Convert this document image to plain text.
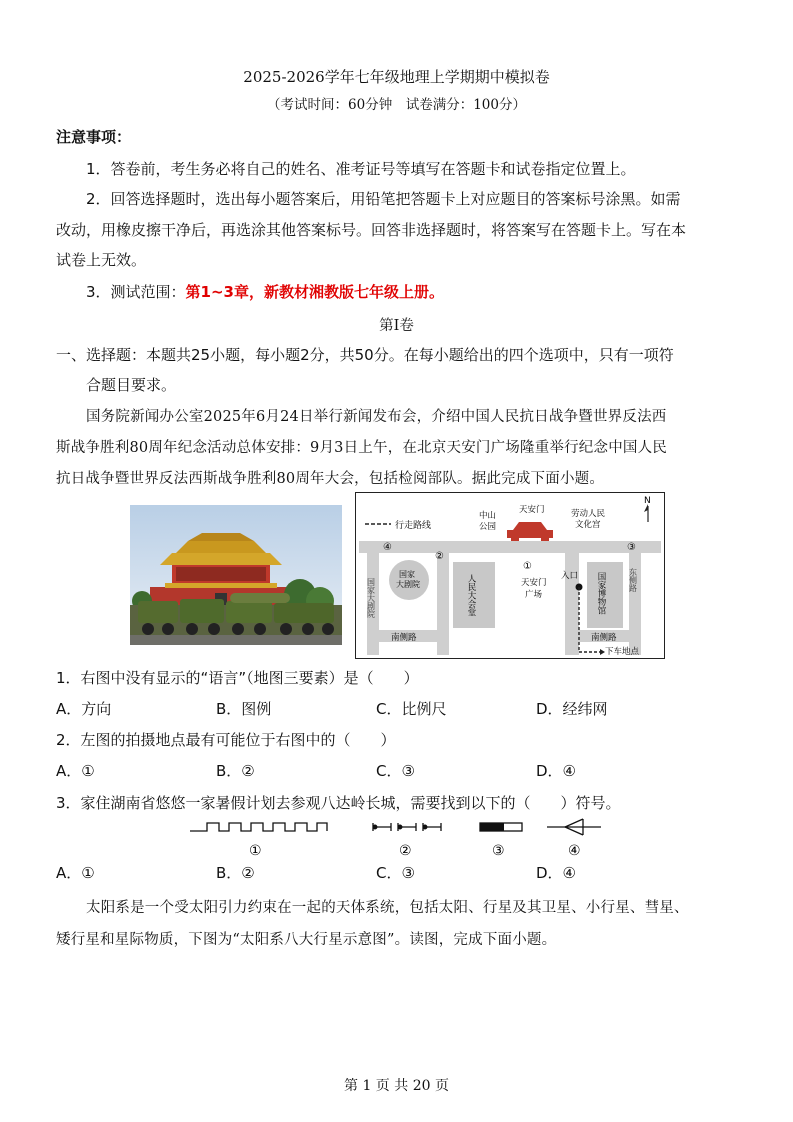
2025-2026学年七年级地理上学期期中模拟卷
（考试时间：60分钟　试卷满分：100分）
注意事项：
1．答卷前，考生务必将自己的姓名、准考证号等填写在答题卡和试卷指定位置上。
2．回答选择题时，选出每小题答案后，用铅笔把答题卡上对应题目的答案标号涂黑。如需
改动，用橡皮擦干净后，再选涂其他答案标号。回答非选择题时，将答案写在答题卡上。写在本
试卷上无效。
3．测试范围：第1~3章，新教材湘教版七年级上册。
第Ⅰ卷
一、选择题：本题共25小题，每小题2分，共50分。在每小题给出的四个选项中，只有一项符
合题目要求。
国务院新闻办公室2025年6月24日举行新闻发布会，介绍中国人民抗日战争暨世界反法西
斯战争胜利80周年纪念活动总体安排：9月3日上午，在北京天安门广场隆重举行纪念中国人民
抗日战争暨世界反法西斯战争胜利80周年大会，包括检阅部队。据此完成下面小题。
N
行走路线
中山
公园
天安门	劳动人民
文化宫
国家
大剧院	人民大会堂	国家博物馆
①
天安门
广场
④
②
③
国家大剧院	东侧路
入口
南侧路	南侧路
下车地点
1．右图中没有显示的“语言”（地图三要素）是（　　）
A．方向	B．图例	C．比例尺	D．经纬网
2．左图的拍摄地点最有可能位于右图中的（　　）
A．①	B．②	C．③	D．④
3．家住湖南省悠悠一家暑假计划去参观八达岭长城，需要找到以下的（　　）符号。
①	②	③	④
A．①	B．②	C．③	D．④
太阳系是一个受太阳引力约束在一起的天体系统，包括太阳、行星及其卫星、小行星、彗星、
矮行星和星际物质，下图为“太阳系八大行星示意图”。读图，完成下面小题。
第 1 页 共 20 页
